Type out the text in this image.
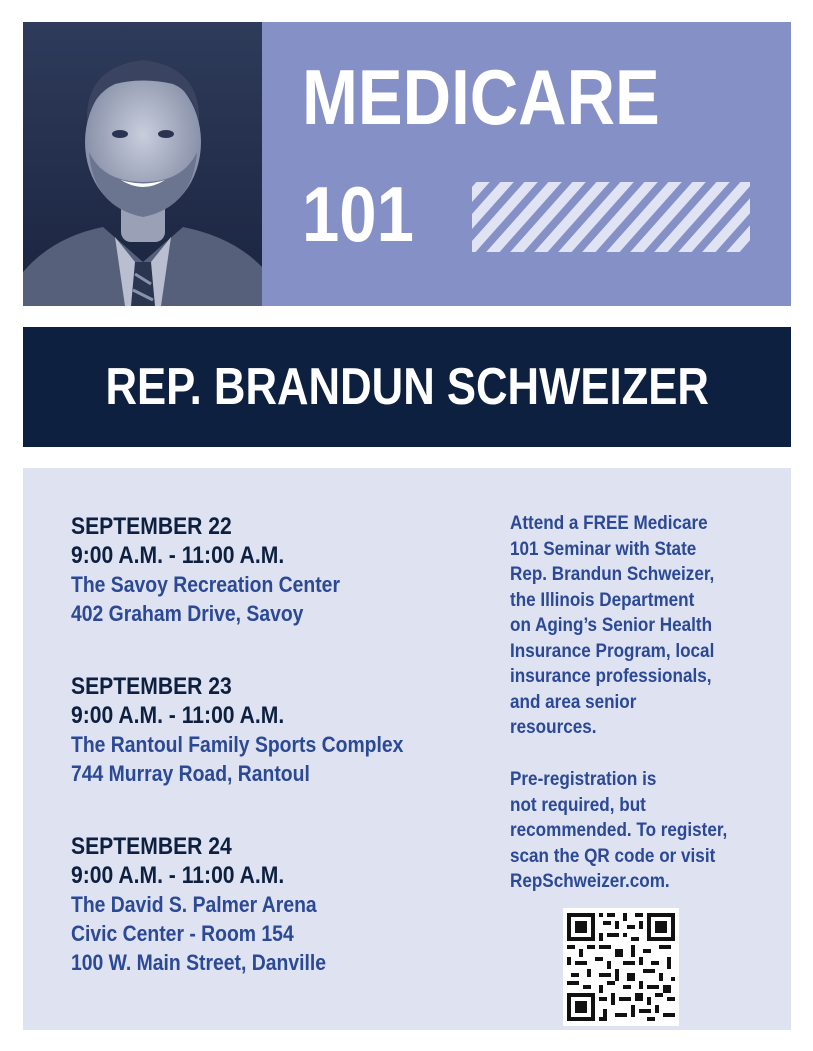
MEDICARE
101
REP. BRANDUN SCHWEIZER
SEPTEMBER 22
9:00 A.M. - 11:00 A.M.
The Savoy Recreation Center
402 Graham Drive, Savoy
SEPTEMBER 23
9:00 A.M. - 11:00 A.M.
The Rantoul Family Sports Complex
744 Murray Road, Rantoul
SEPTEMBER 24
9:00 A.M. - 11:00 A.M.
The David S. Palmer Arena
Civic Center - Room 154
100 W. Main Street, Danville
Attend a FREE Medicare
101 Seminar with State
Rep. Brandun Schweizer,
the Illinois Department
on Aging’s Senior Health
Insurance Program, local
insurance professionals,
and area senior
resources.
Pre-registration is
not required, but
recommended. To register,
scan the QR code or visit
RepSchweizer.com.
